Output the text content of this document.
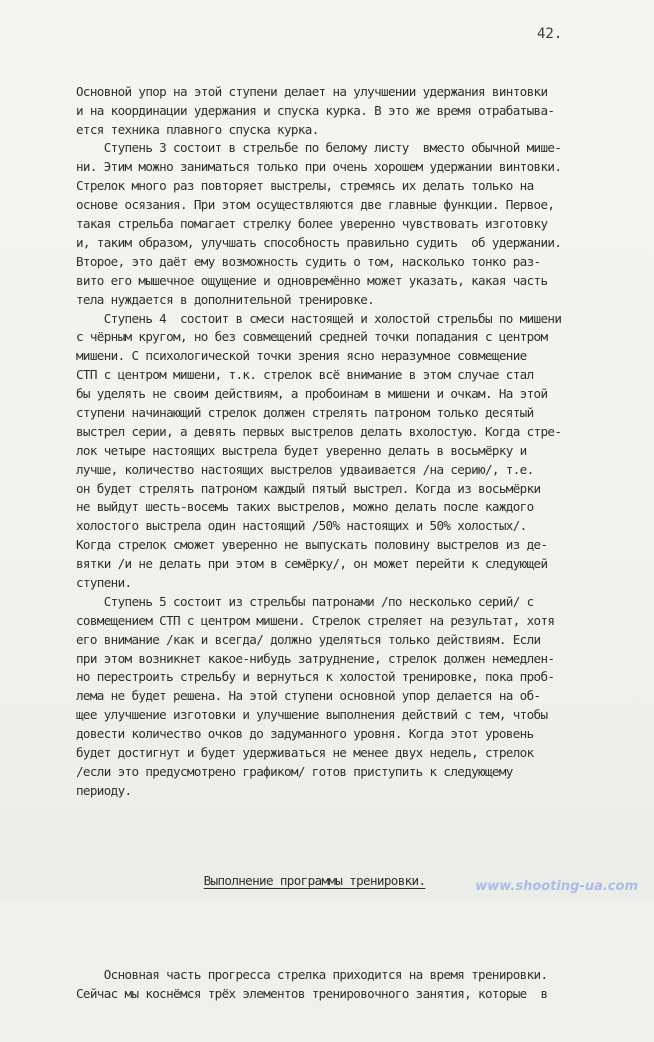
42.

Основной упор на этой ступени делает на улучшении удержания винтовки
и на координации удержания и спуска курка. В это же время отрабатыва-
ется техника плавного спуска курка.
Ступень 3 состоит в стрельбе по белому листу  вместо обычной мише-
ни. Этим можно заниматься только при очень хорошем удержании винтовки.
Стрелок много раз повторяет выстрелы, стремясь их делать только на
основе осязания. При этом осуществляются две главные функции. Первое,
такая стрельба помагает стрелку более уверенно чувствовать изготовку
и, таким образом, улучшать способность правильно судить  об удержании.
Второе, это даёт ему возможность судить о том, насколько тонко раз-
вито его мышечное ощущение и одновремённо может указать, какая часть
тела нуждается в дополнительной тренировке.
Ступень 4  состоит в смеси настоящей и холостой стрельбы по мишени
с чёрным кругом, но без совмещений средней точки попадания с центром
мишени. С психологической точки зрения ясно неразумное совмещение
СТП с центром мишени, т.к. стрелок всё внимание в этом случае стал
бы уделять не своим действиям, а пробоинам в мишени и очкам. На этой
ступени начинающий стрелок должен стрелять патроном только десятый
выстрел серии, а девять первых выстрелов делать вхолостую. Когда стре-
лок четыре настоящих выстрела будет уверенно делать в восьмёрку и
лучше, количество настоящих выстрелов удваивается /на серию/, т.е.
он будет стрелять патроном каждый пятый выстрел. Когда из восьмёрки
не выйдут шесть-восемь таких выстрелов, можно делать после каждого
холостого выстрела один настоящий /50% настоящих и 50% холостых/.
Когда стрелок сможет уверенно не выпускать половину выстрелов из де-
вятки /и не делать при этом в семёрку/, он может перейти к следующей
ступени.
Ступень 5 состоит из стрельбы патронами /по несколько серий/ с
совмещением СТП с центром мишени. Стрелок стреляет на результат, хотя
его внимание /как и всегда/ должно уделяться только действиям. Если
при этом возникнет какое-нибудь затруднение, стрелок должен немедлен-
но перестроить стрельбу и вернуться к холостой тренировке, пока проб-
лема не будет решена. На этой ступени основной упор делается на об-
щее улучшение изготовки и улучшение выполнения действий с тем, чтобы
довести количество очков до задуманного уровня. Когда этот уровень
будет достигнут и будет удерживаться не менее двух недель, стрелок
/если это предусмотрено графиком/ готов приступить к следующему
периоду.

Выполнение программы тренировки.

Основная часть прогресса стрелка приходится на время тренировки.
Сейчас мы коснёмся трёх элементов тренировочного занятия, которые  в

www.shooting-ua.com
